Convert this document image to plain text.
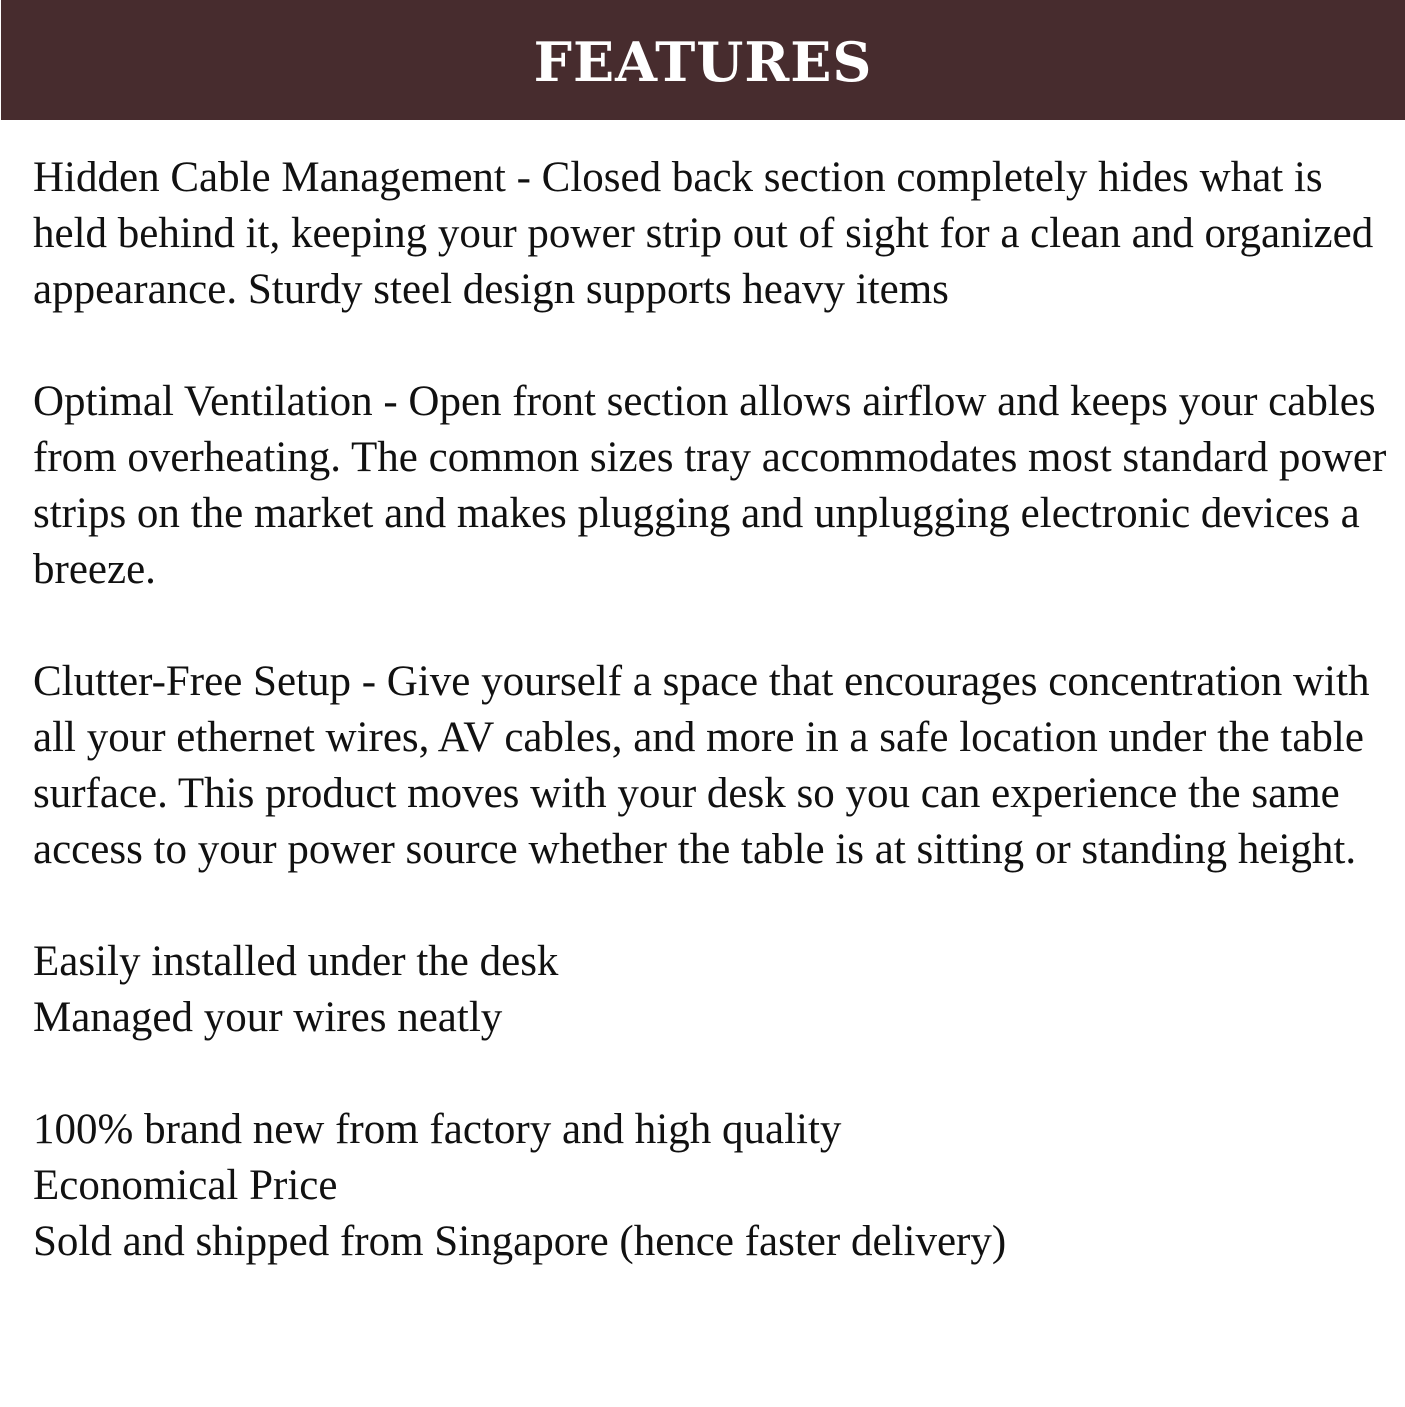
FEATURES

Hidden Cable Management - Closed back section completely hides what is held behind it, keeping your power strip out of sight for a clean and organized appearance. Sturdy steel design supports heavy items

Optimal Ventilation - Open front section allows airflow and keeps your cables from overheating. The common sizes tray accommodates most standard power strips on the market and makes plugging and unplugging electronic devices a breeze.

Clutter-Free Setup - Give yourself a space that encourages concentration with all your ethernet wires, AV cables, and more in a safe location under the table surface. This product moves with your desk so you can experience the same access to your power source whether the table is at sitting or standing height.

Easily installed under the desk
Managed your wires neatly
100% brand new from factory and high quality
Economical Price
Sold and shipped from Singapore (hence faster delivery)
